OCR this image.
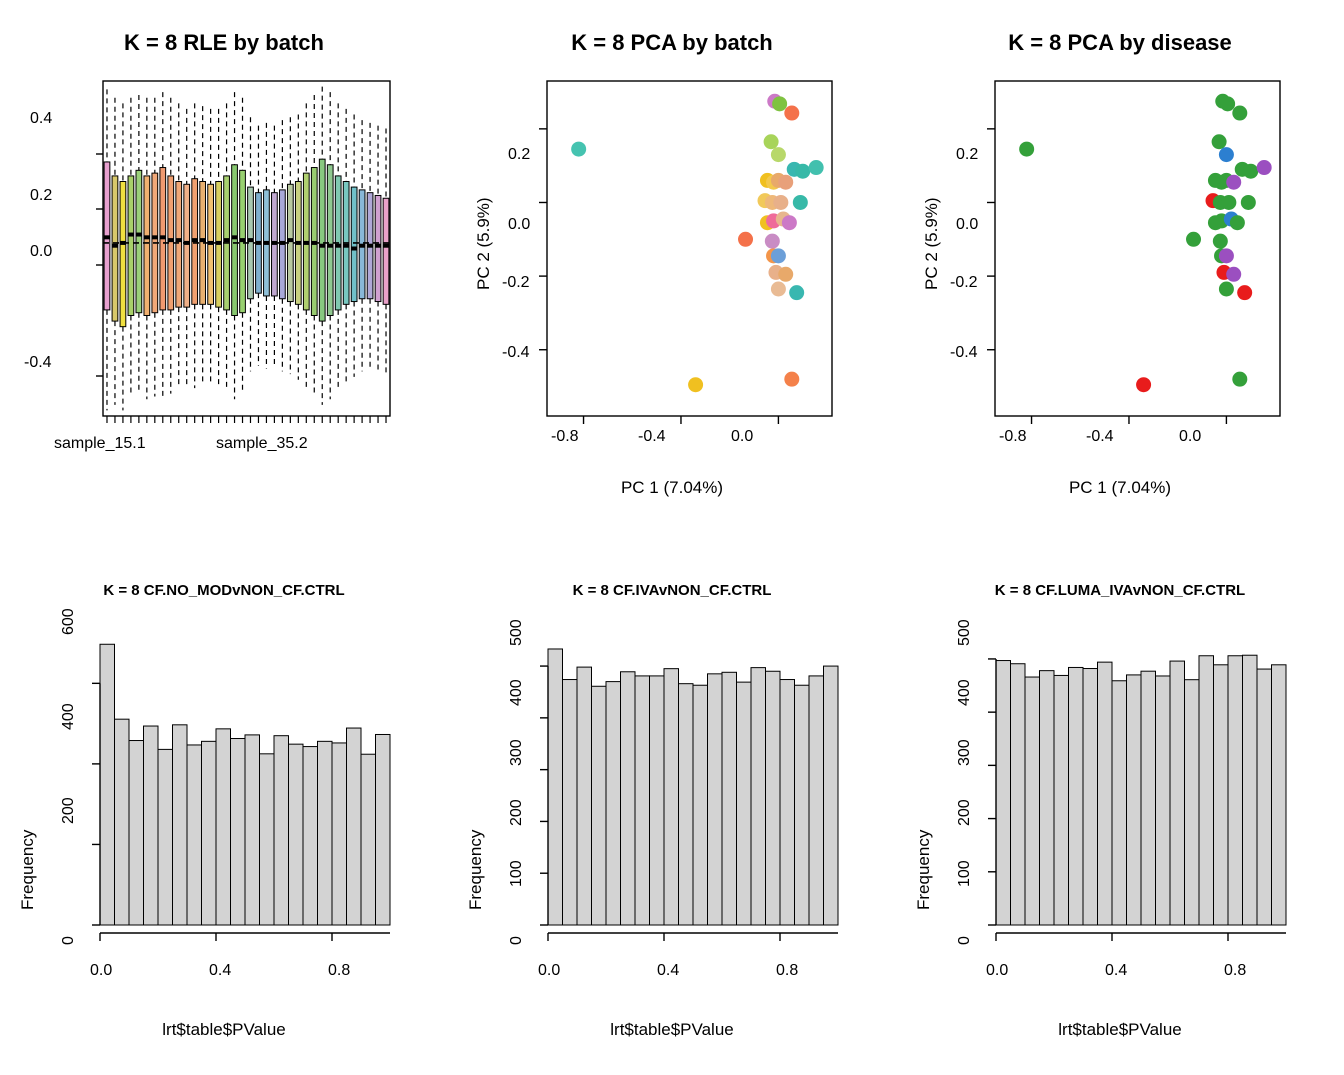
K = 8 RLE by batch
-0.4
0.0
0.2
0.4
sample_15.1	sample_35.2
K = 8 PCA by batch
PC 2 (5.9%)
PC 1 (7.04%)
-0.4
-0.2
0.0
0.2
-0.8	-0.4	0.0
K = 8 PCA by disease
PC 2 (5.9%)
PC 1 (7.04%)
-0.4
-0.2
0.0
0.2
-0.8	-0.4	0.0
K = 8 CF.NO_MODvNON_CF.CTRL
Frequency
lrt$table$PValue
0
200
400
600
0.0	0.4	0.8
K = 8 CF.IVAvNON_CF.CTRL
Frequency
lrt$table$PValue
0
100
200
300
400
500
0.0	0.4	0.8
K = 8 CF.LUMA_IVAvNON_CF.CTRL
Frequency
lrt$table$PValue
0
100
200
300
400
500
0.0	0.4	0.8
